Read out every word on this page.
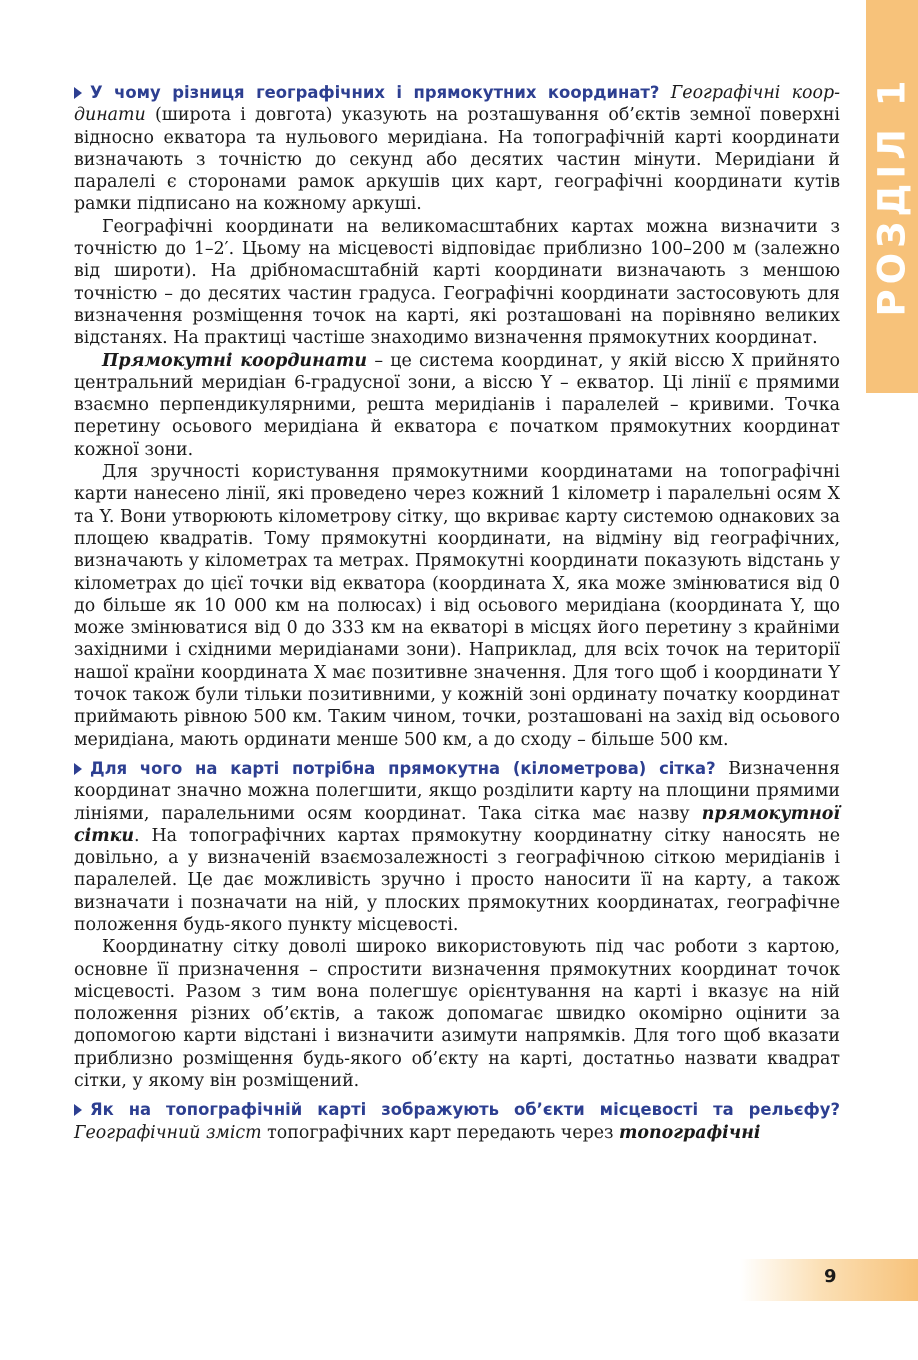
РОЗДІЛ 1

У чому різниця географічних і прямокутних координат? Географічні координати (широта і довгота) указують на розташування об’єктів земної поверхні відносно екватора та нульового меридіана. На топографічній карті координати визначають з точністю до секунд або десятих частин мінути. Меридіани й паралелі є сторонами рамок аркушів цих карт, географічні координати кутів рамки підписано на кожному аркуші.

Географічні координати на великомасштабних картах можна визначити з точністю до 1–2′. Цьому на місцевості відповідає приблизно 100–200 м (залежно від широти). На дрібномасштабній карті координати визначають з меншою точністю – до десятих частин градуса. Географічні координати застосовують для визначення розміщення точок на карті, які розташовані на порівняно великих відстанях. На практиці частіше знаходимо визначення прямокутних координат.

Прямокутні координати – це система координат, у якій віссю X прийнято центральний меридіан 6-градусної зони, а віссю Y – екватор. Ці лінії є прямими взаємно перпендикулярними, решта меридіанів і паралелей – кривими. Точка перетину осьового меридіана й екватора є початком прямокутних координат кожної зони.

Для зручності користування прямокутними координатами на топографічні карти нанесено лінії, які проведено через кожний 1 кілометр і паралельні осям X та Y. Вони утворюють кілометрову сітку, що вкриває карту системою однакових за площею квадратів. Тому прямокутні координати, на відміну від географічних, визначають у кілометрах та метрах. Прямокутні координати показують відстань у кілометрах до цієї точки від екватора (координата X, яка може змінюватися від 0 до більше як 10 000 км на полюсах) і від осьового меридіана (координата Y, що може змінюватися від 0 до 333 км на екваторі в місцях його перетину з крайніми західними і східними меридіанами зони). Наприклад, для всіх точок на території нашої країни координата X має позитивне значення. Для того щоб і координати Y точок також були тільки позитивними, у кожній зоні ординату початку координат приймають рівною 500 км. Таким чином, точки, розташовані на захід від осьового меридіана, мають ординати менше 500 км, а до сходу – більше 500 км.

Для чого на карті потрібна прямокутна (кілометрова) сітка? Визначення координат значно можна полегшити, якщо розділити карту на площини прямими лініями, паралельними осям координат. Така сітка має назву прямокутної сітки. На топографічних картах прямокутну координатну сітку наносять не довільно, а у визначеній взаємозалежності з географічною сіткою меридіанів і паралелей. Це дає можливість зручно і просто наносити її на карту, а також визначати і позначати на ній, у плоских прямокутних координатах, географічне положення будь-якого пункту місцевості.

Координатну сітку доволі широко використовують під час роботи з картою, основне її призначення – спростити визначення прямокутних координат точок місцевості. Разом з тим вона полегшує орієнтування на карті і вказує на ній положення різних об’єктів, а також допомагає швидко окомірно оцінити за допомогою карти відстані і визначити азимути напрямків. Для того щоб вказати приблизно розміщення будь-якого об’єкту на карті, достатньо назвати квадрат сітки, у якому він розміщений.

Як на топографічній карті зображують об’єкти місцевості та рельєфу? Географічний зміст топографічних карт передають через топографічні

9
